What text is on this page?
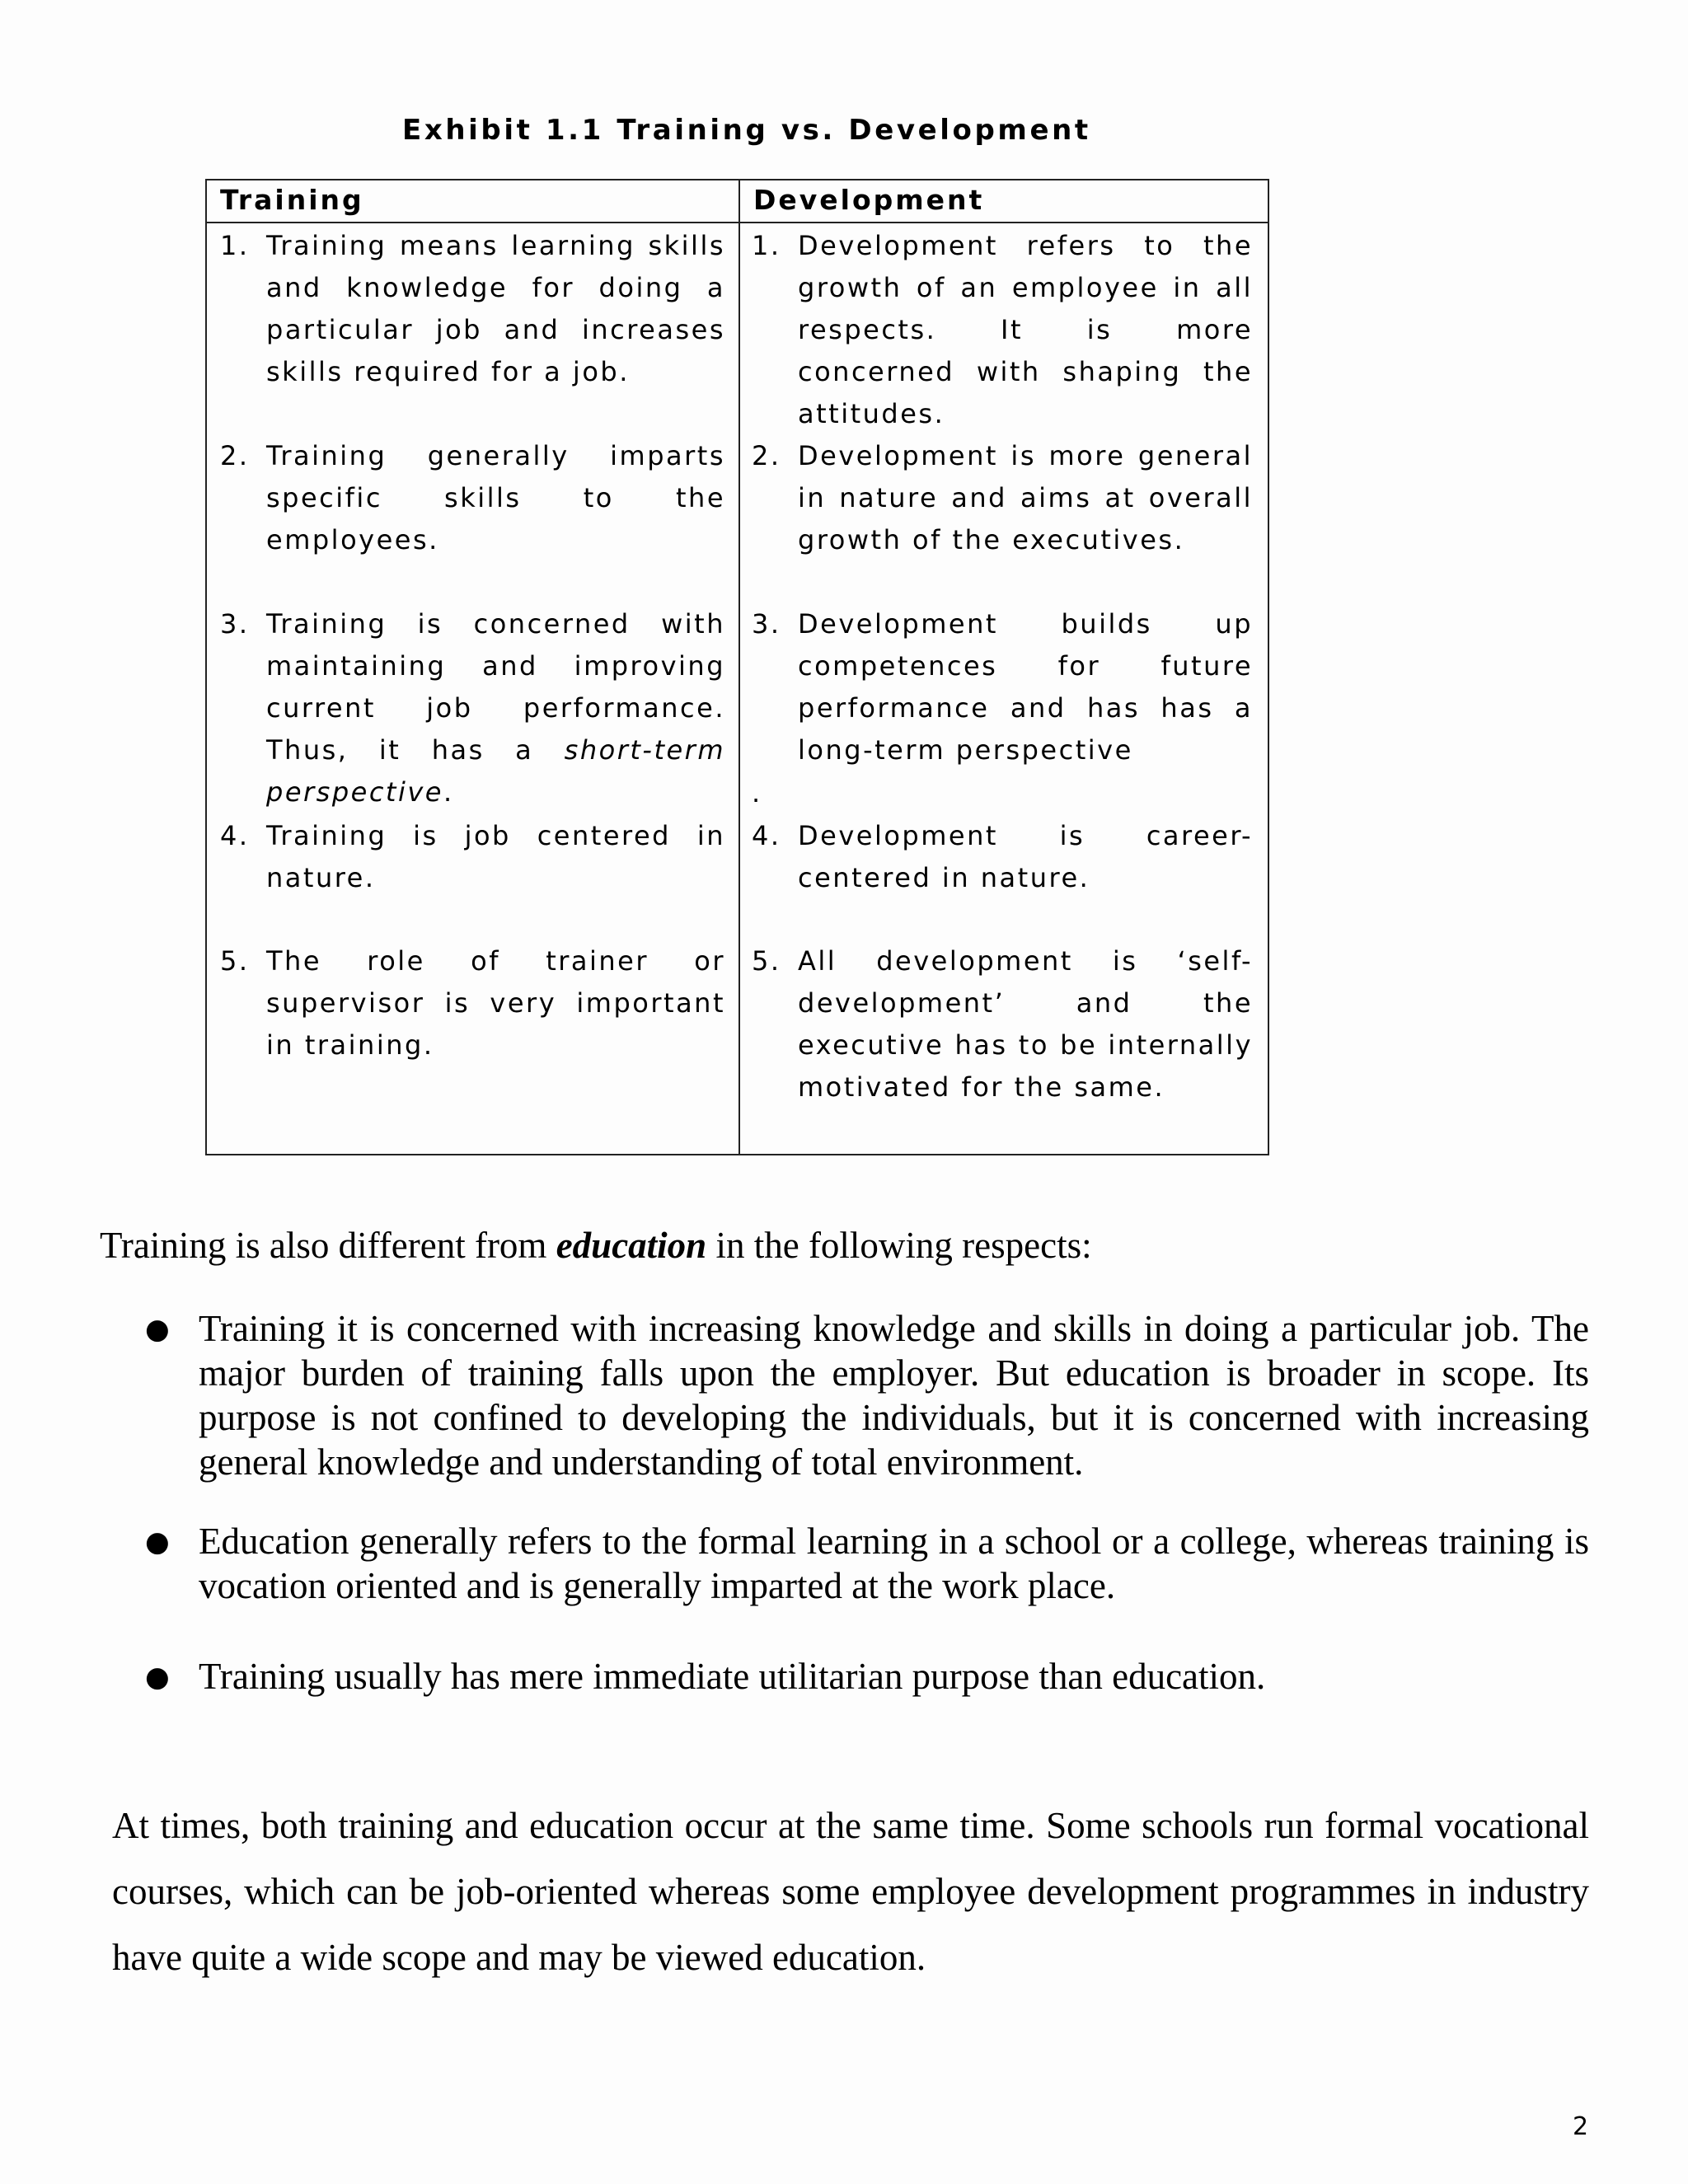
Exhibit 1.1 Training vs. Development
Training
1. Training means learning skills and knowledge for doing a particular job and increases skills required for a job.
2. Training generally imparts specific skills to the employees.
3. Training is concerned with maintaining and improving current job performance. Thus, it has a short-term perspective.
4. Training is job centered in nature.
5. The role of trainer or supervisor is very important in training.
Development
1. Development refers to the growth of an employee in all respects. It is more concerned with shaping the attitudes.
2. Development is more general in nature and aims at overall growth of the executives.
3. Development builds up competences for future performance and has has a long-term perspective
.
4. Development is career-centered in nature.
5. All development is ‘self-development’ and the executive has to be internally motivated for the same.
Training is also different from education in the following respects:
● Training it is concerned with increasing knowledge and skills in doing a particular job. The major burden of training falls upon the employer. But education is broader in scope. Its purpose is not confined to developing the individuals, but it is concerned with increasing general knowledge and understanding of total environment.
● Education generally refers to the formal learning in a school or a college, whereas training is vocation oriented and is generally imparted at the work place.
● Training usually has mere immediate utilitarian purpose than education.
At times, both training and education occur at the same time. Some schools run formal vocational courses, which can be job-oriented whereas some employee development programmes in industry have quite a wide scope and may be viewed education.
2
